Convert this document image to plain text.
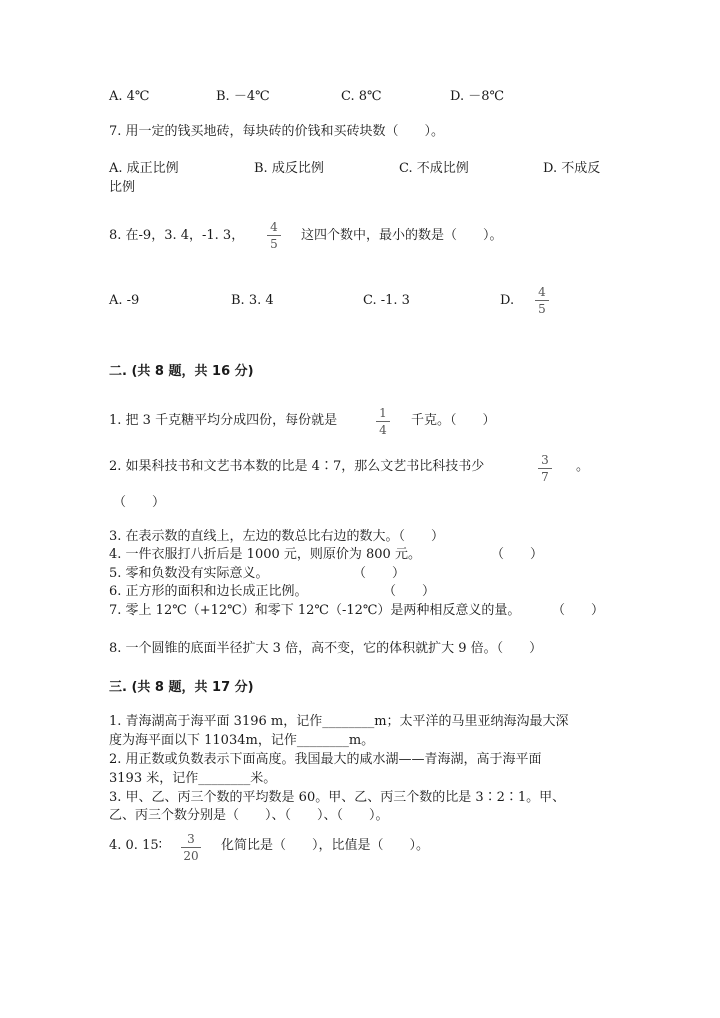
A. 4℃	B. －4℃	C. 8℃	D. －8℃
7. 用一定的钱买地砖，每块砖的价钱和买砖块数（　　）。
A. 成正比例	B. 成反比例	C. 不成比例	D. 不成反
比例
8. 在-9，3. 4，-1. 3，
4
5
这四个数中，最小的数是（　　）。
A. -9	B. 3. 4	C. -1. 3	D.
4
5
二. (共 8 题，共 16 分)
1. 把 3 千克糖平均分成四份，每份就是	1
4
千克。（　　）
2. 如果科技书和文艺书本数的比是 4∶7，那么文艺书比科技书少	3
7
。
（　　）
3. 在表示数的直线上，左边的数总比右边的数大。（　　）
4. 一件衣服打八折后是 1000 元，则原价为 800 元。	（　　）
5. 零和负数没有实际意义。	（　　）
6. 正方形的面积和边长成正比例。	（　　）
7. 零上 12℃（+12℃）和零下 12℃（-12℃）是两种相反意义的量。 （　　）
8. 一个圆锥的底面半径扩大 3 倍，高不变，它的体积就扩大 9 倍。（　　）
三. (共 8 题，共 17 分)
1. 青海湖高于海平面 3196 m，记作________m；太平洋的马里亚纳海沟最大深
度为海平面以下 11034m，记作________m。
2. 用正数或负数表示下面高度。我国最大的咸水湖——青海湖，高于海平面
3193 米，记作________米。
3. 甲、乙、丙三个数的平均数是 60。甲、乙、丙三个数的比是 3∶2∶1。甲、
乙、丙三个数分别是（　　）、（　　）、（　　）。
4. 0. 15∶	3
20
化简比是（　　），比值是（　　）。
